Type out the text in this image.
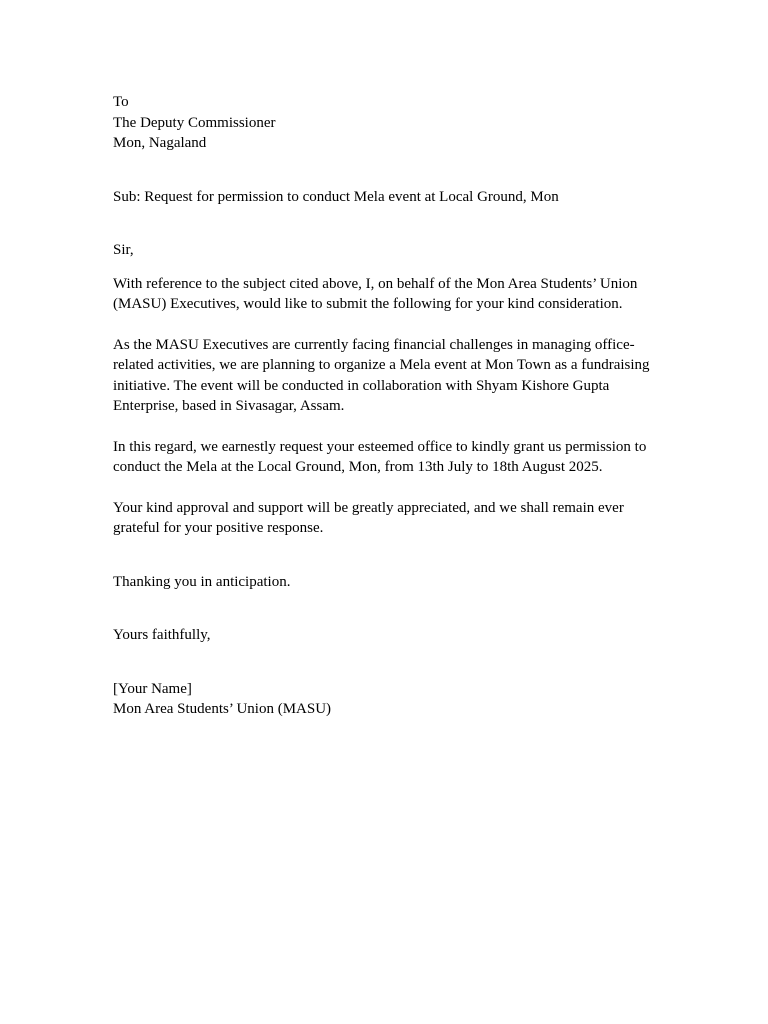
To
The Deputy Commissioner
Mon, Nagaland
Sub: Request for permission to conduct Mela event at Local Ground, Mon
Sir,
With reference to the subject cited above, I, on behalf of the Mon Area Students’ Union
(MASU) Executives, would like to submit the following for your kind consideration.
As the MASU Executives are currently facing financial challenges in managing office-
related activities, we are planning to organize a Mela event at Mon Town as a fundraising
initiative. The event will be conducted in collaboration with Shyam Kishore Gupta
Enterprise, based in Sivasagar, Assam.
In this regard, we earnestly request your esteemed office to kindly grant us permission to
conduct the Mela at the Local Ground, Mon, from 13th July to 18th August 2025.
Your kind approval and support will be greatly appreciated, and we shall remain ever
grateful for your positive response.
Thanking you in anticipation.
Yours faithfully,
[Your Name]
Mon Area Students’ Union (MASU)
